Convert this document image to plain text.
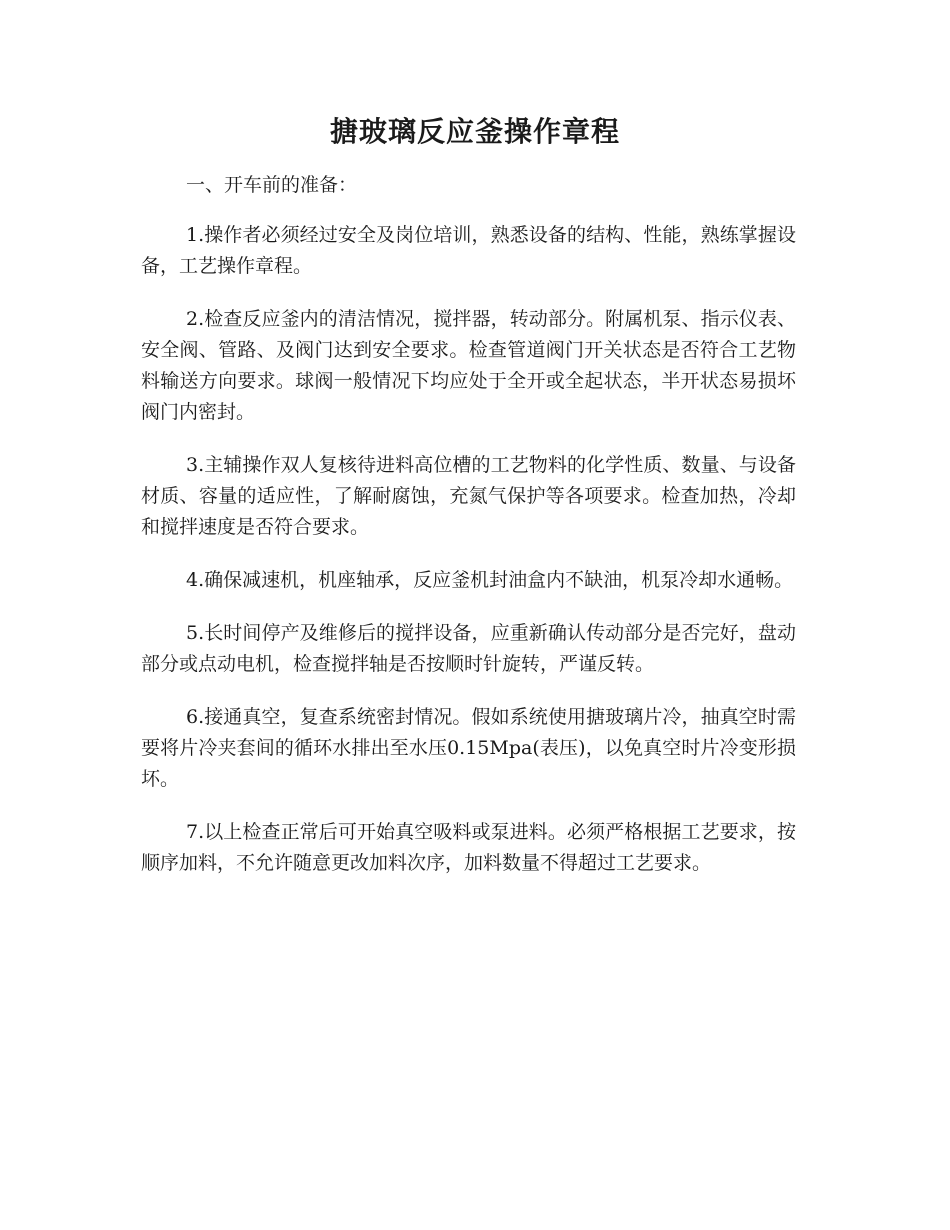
搪玻璃反应釜操作章程

一、开车前的准备：

1.操作者必须经过安全及岗位培训，熟悉设备的结构、性能，熟练掌握设备，工艺操作章程。

2.检查反应釜内的清洁情况，搅拌器，转动部分。附属机泵、指示仪表、安全阀、管路、及阀门达到安全要求。检查管道阀门开关状态是否符合工艺物料输送方向要求。球阀一般情况下均应处于全开或全起状态，半开状态易损坏阀门内密封。

3.主辅操作双人复核待进料高位槽的工艺物料的化学性质、数量、与设备材质、容量的适应性，了解耐腐蚀，充氮气保护等各项要求。检查加热，冷却和搅拌速度是否符合要求。

4.确保减速机，机座轴承，反应釜机封油盒内不缺油，机泵冷却水通畅。

5.长时间停产及维修后的搅拌设备，应重新确认传动部分是否完好，盘动部分或点动电机，检查搅拌轴是否按顺时针旋转，严谨反转。

6.接通真空，复查系统密封情况。假如系统使用搪玻璃片冷，抽真空时需要将片冷夹套间的循环水排出至水压0.15Mpa(表压)，以免真空时片冷变形损坏。

7.以上检查正常后可开始真空吸料或泵进料。必须严格根据工艺要求，按顺序加料，不允许随意更改加料次序，加料数量不得超过工艺要求。
